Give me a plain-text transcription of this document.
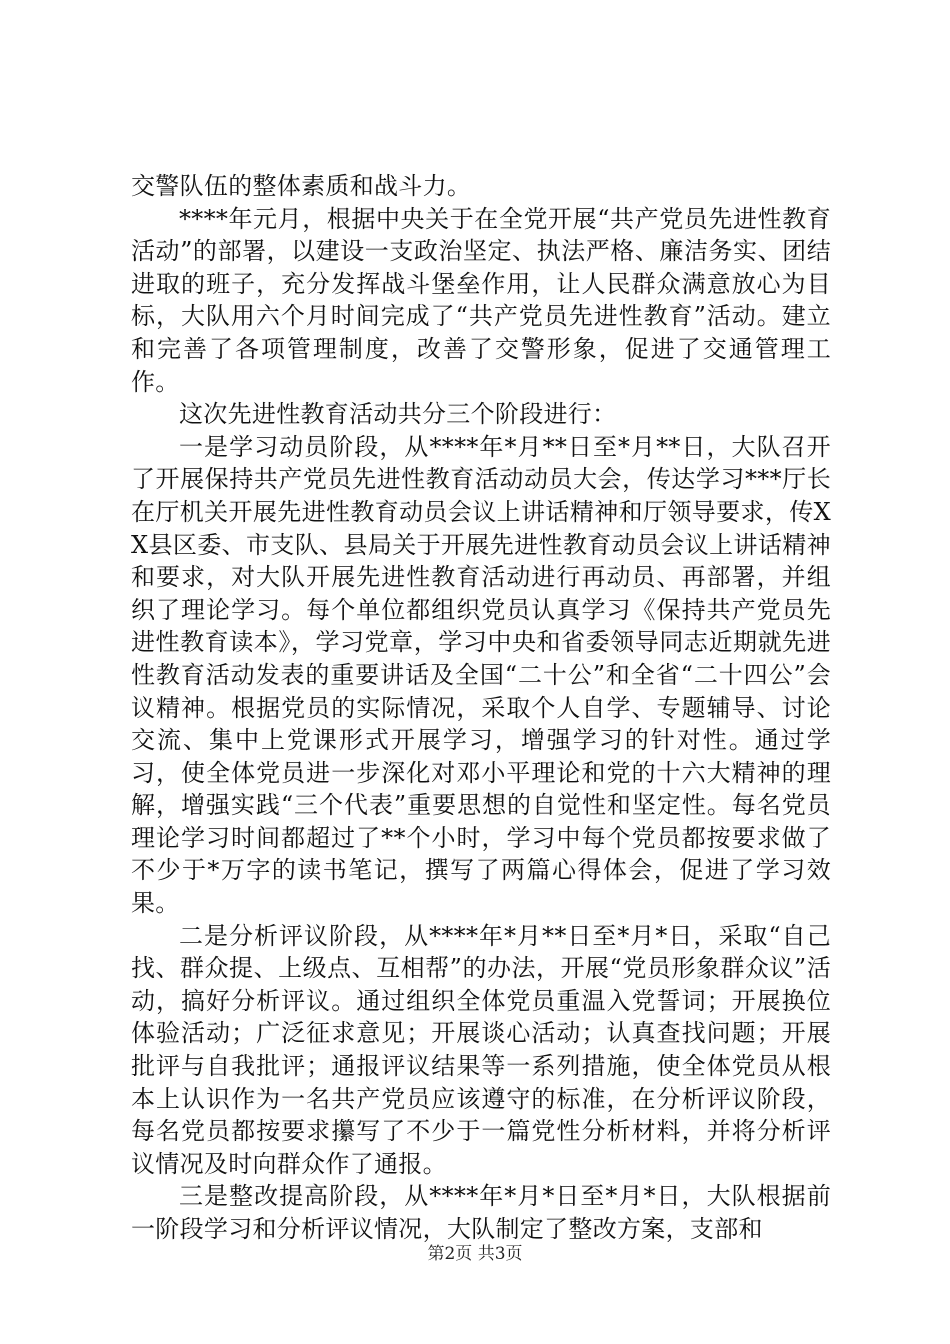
交警队伍的整体素质和战斗力。

****年元月，根据中央关于在全党开展“共产党员先进性教育活动”的部署，以建设一支政治坚定、执法严格、廉洁务实、团结进取的班子，充分发挥战斗堡垒作用，让人民群众满意放心为目标，大队用六个月时间完成了“共产党员先进性教育”活动。建立和完善了各项管理制度，改善了交警形象，促进了交通管理工作。

这次先进性教育活动共分三个阶段进行：

一是学习动员阶段，从****年*月**日至*月**日，大队召开了开展保持共产党员先进性教育活动动员大会，传达学习***厅长在厅机关开展先进性教育动员会议上讲话精神和厅领导要求，传XX县区委、市支队、县局关于开展先进性教育动员会议上讲话精神和要求，对大队开展先进性教育活动进行再动员、再部署，并组织了理论学习。每个单位都组织党员认真学习《保持共产党员先进性教育读本》，学习党章，学习中央和省委领导同志近期就先进性教育活动发表的重要讲话及全国“二十公”和全省“二十四公”会议精神。根据党员的实际情况，采取个人自学、专题辅导、讨论交流、集中上党课形式开展学习，增强学习的针对性。通过学习，使全体党员进一步深化对邓小平理论和党的十六大精神的理解，增强实践“三个代表”重要思想的自觉性和坚定性。每名党员理论学习时间都超过了**个小时，学习中每个党员都按要求做了不少于*万字的读书笔记，撰写了两篇心得体会，促进了学习效果。

二是分析评议阶段，从****年*月**日至*月*日，采取“自己找、群众提、上级点、互相帮”的办法，开展“党员形象群众议”活动，搞好分析评议。通过组织全体党员重温入党誓词；开展换位体验活动；广泛征求意见；开展谈心活动；认真查找问题；开展批评与自我批评；通报评议结果等一系列措施，使全体党员从根本上认识作为一名共产党员应该遵守的标准，在分析评议阶段，每名党员都按要求攥写了不少于一篇党性分析材料，并将分析评议情况及时向群众作了通报。

三是整改提高阶段，从****年*月*日至*月*日，大队根据前一阶段学习和分析评议情况，大队制定了整改方案，支部和

第2页 共3页
